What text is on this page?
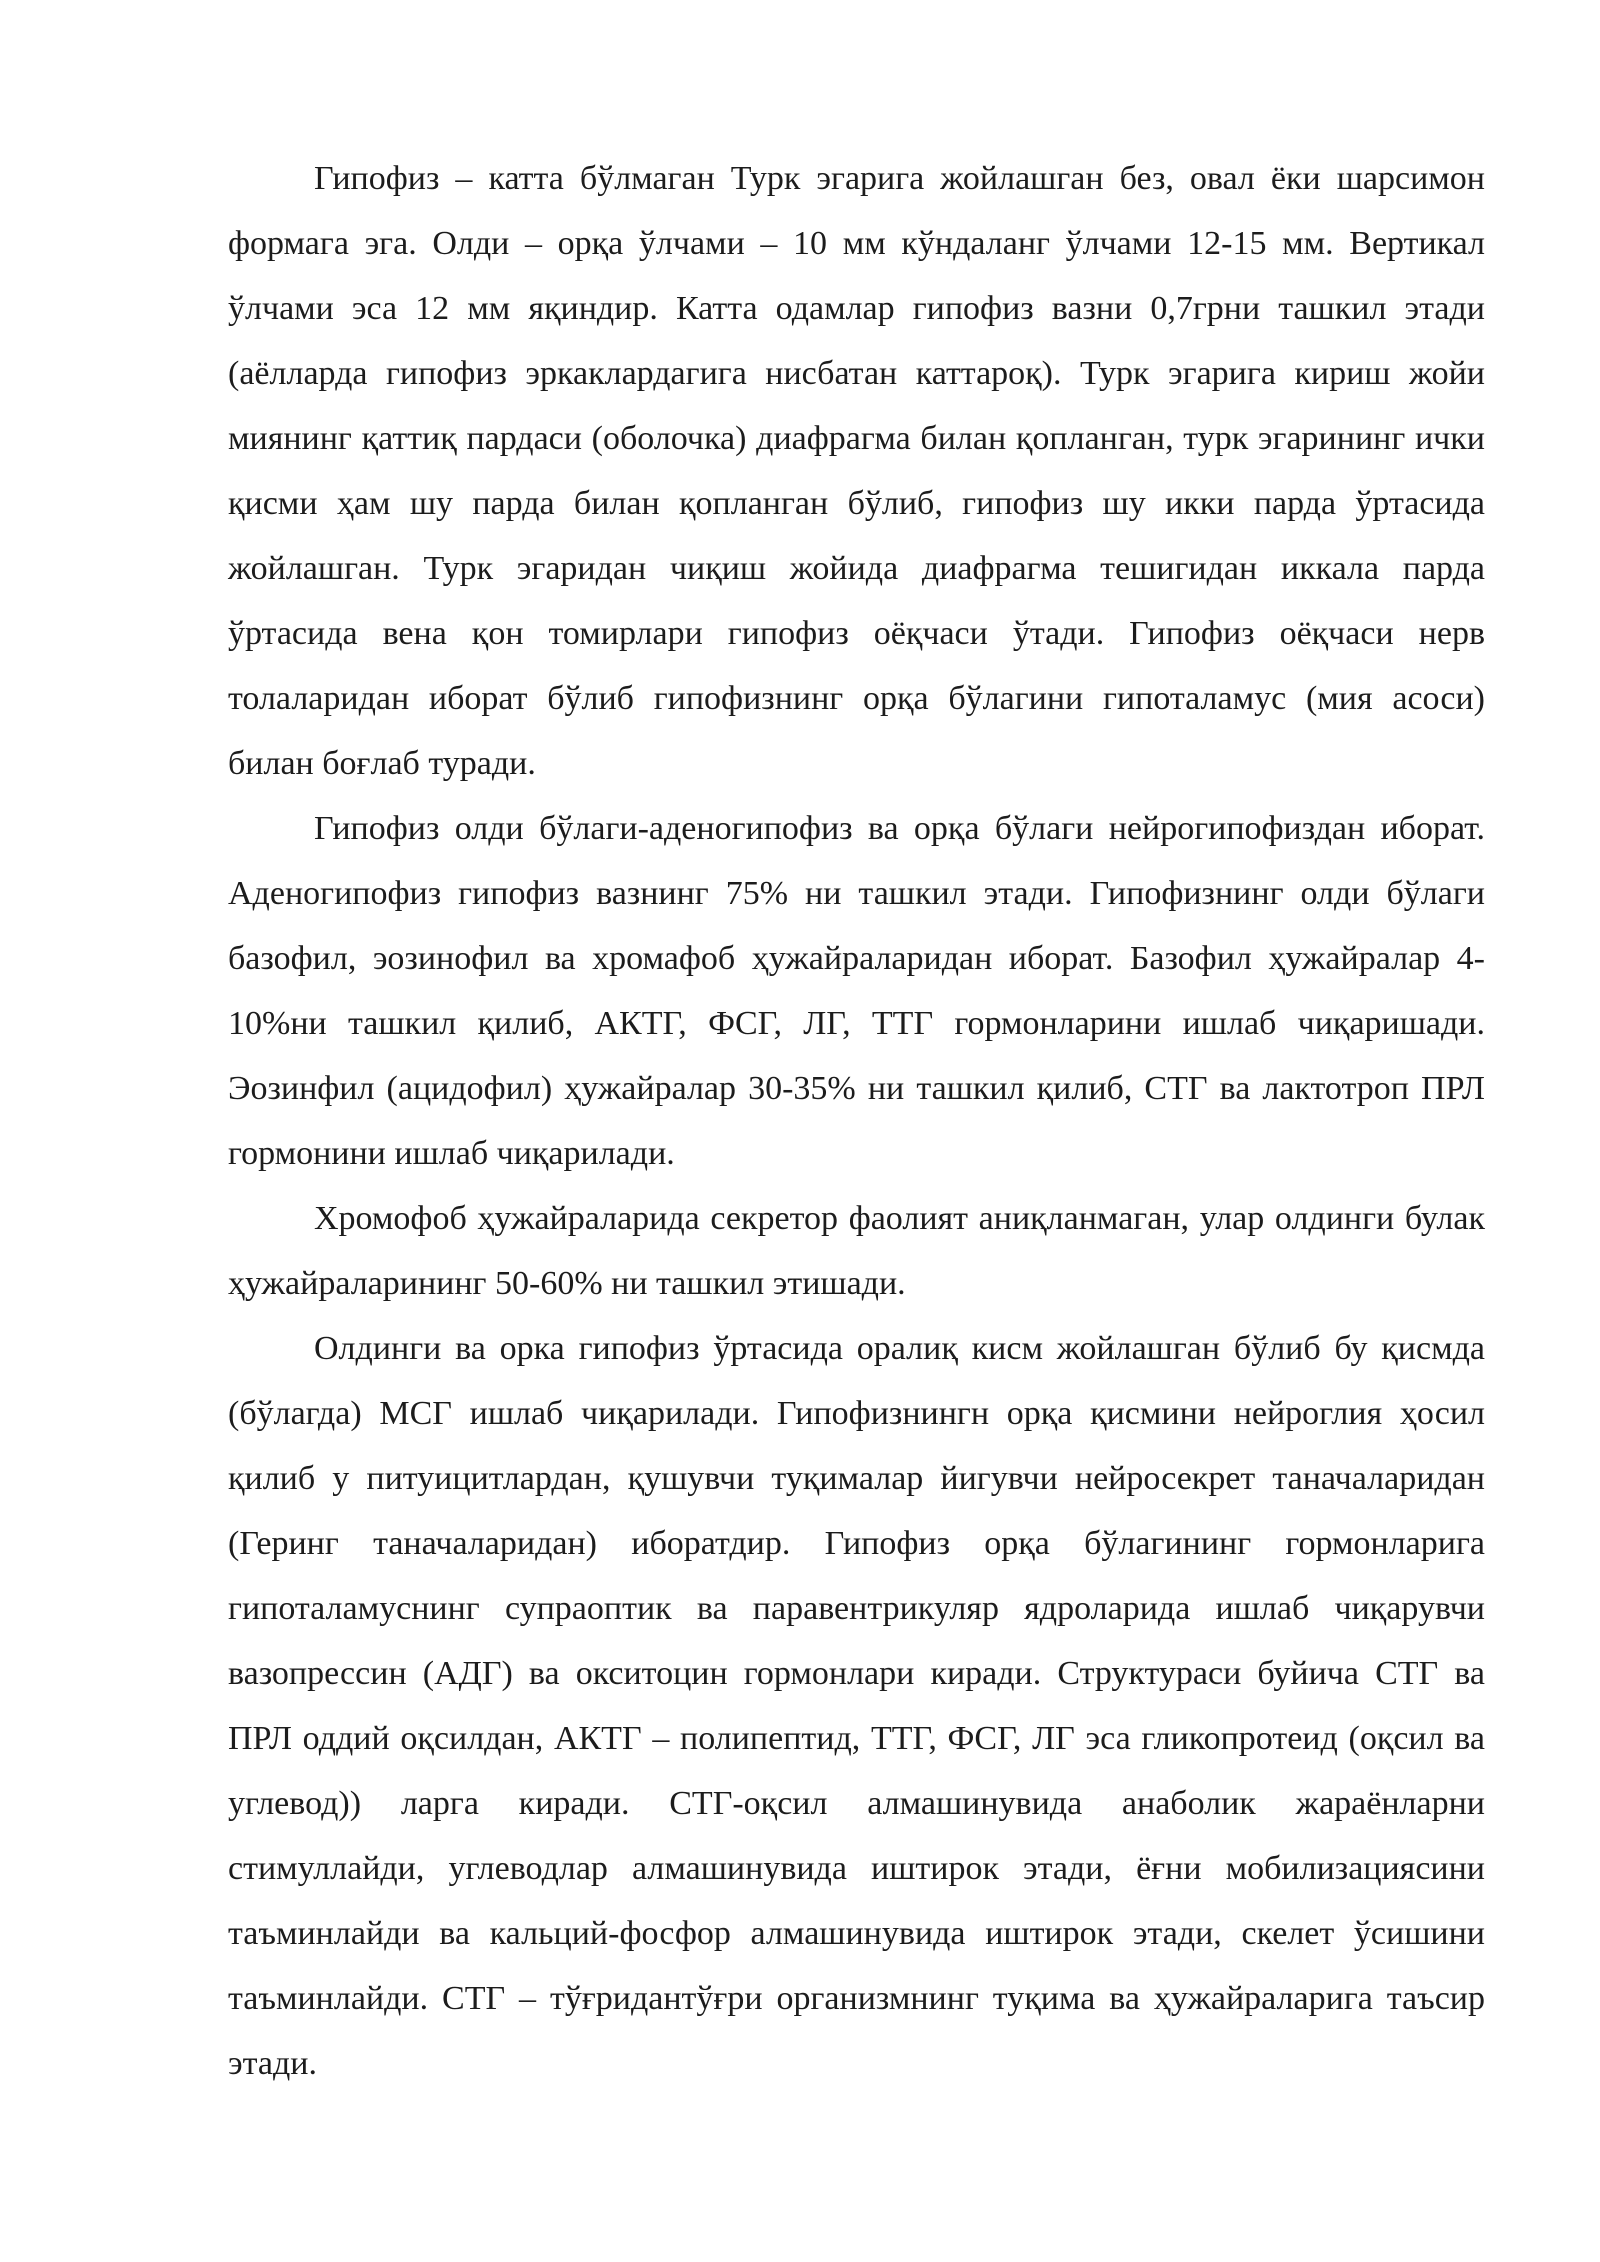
Гипофиз – катта бўлмаган Турк эгарига жойлашган без, овал ёки шарсимон формага эга. Олди – орқа ўлчами – 10 мм кўндаланг ўлчами 12-15 мм. Вертикал ўлчами эса 12 мм яқиндир. Катта одамлар гипофиз вазни 0,7грни ташкил этади (аёлларда гипофиз эркаклардагига нисбатан каттароқ). Турк эгарига кириш жойи миянинг қаттиқ пардаси (оболочка) диафрагма билан қопланган, турк эгарининг ички қисми ҳам шу парда билан қопланган бўлиб, гипофиз шу икки парда ўртасида жойлашган. Турк эгаридан чиқиш жойида диафрагма тешигидан иккала парда ўртасида вена қон томирлари гипофиз оёқчаси ўтади. Гипофиз оёқчаси нерв толаларидан иборат бўлиб гипофизнинг орқа бўлагини гипоталамус (мия асоси) билан боғлаб туради.

Гипофиз олди бўлаги-аденогипофиз ва орқа бўлаги нейрогипофиздан иборат. Аденогипофиз гипофиз вазнинг 75% ни ташкил этади. Гипофизнинг олди бўлаги базофил, эозинофил ва хромафоб ҳужайраларидан иборат. Базофил ҳужайралар 4-10%ни ташкил қилиб, АКТГ, ФСГ, ЛГ, ТТГ гормонларини ишлаб чиқаришади. Эозинфил (ацидофил) ҳужайралар 30-35% ни ташкил қилиб, СТГ ва лактотроп ПРЛ гормонини ишлаб чиқарилади.

Хромофоб ҳужайраларида секретор фаолият аниқланмаган, улар олдинги булак ҳужайраларининг 50-60% ни ташкил этишади.

Олдинги ва орка гипофиз ўртасида оралиқ кисм жойлашган бўлиб бу қисмда (бўлагда) МСГ ишлаб чиқарилади. Гипофизнингн орқа қисмини нейроглия ҳосил қилиб у питуицитлардан, қушувчи туқималар йигувчи нейросекрет таначаларидан (Геринг таначаларидан) иборатдир. Гипофиз орқа бўлагининг гормонларига гипоталамуснинг супраоптик ва паравентрикуляр ядроларида ишлаб чиқарувчи вазопрессин (АДГ) ва окситоцин гормонлари киради. Структураси буйича СТГ ва ПРЛ оддий оқсилдан, АКТГ – полипептид, ТТГ, ФСГ, ЛГ эса гликопротеид (оқсил ва углевод)) ларга киради. СТГ-оқсил алмашинувида анаболик жараёнларни стимуллайди, углеводлар алмашинувида иштирок этади, ёғни мобилизациясини таъминлайди ва кальций-фосфор алмашинувида иштирок этади, скелет ўсишини таъминлайди. СТГ – тўғридантўғри организмнинг туқима ва ҳужайраларига таъсир этади.
